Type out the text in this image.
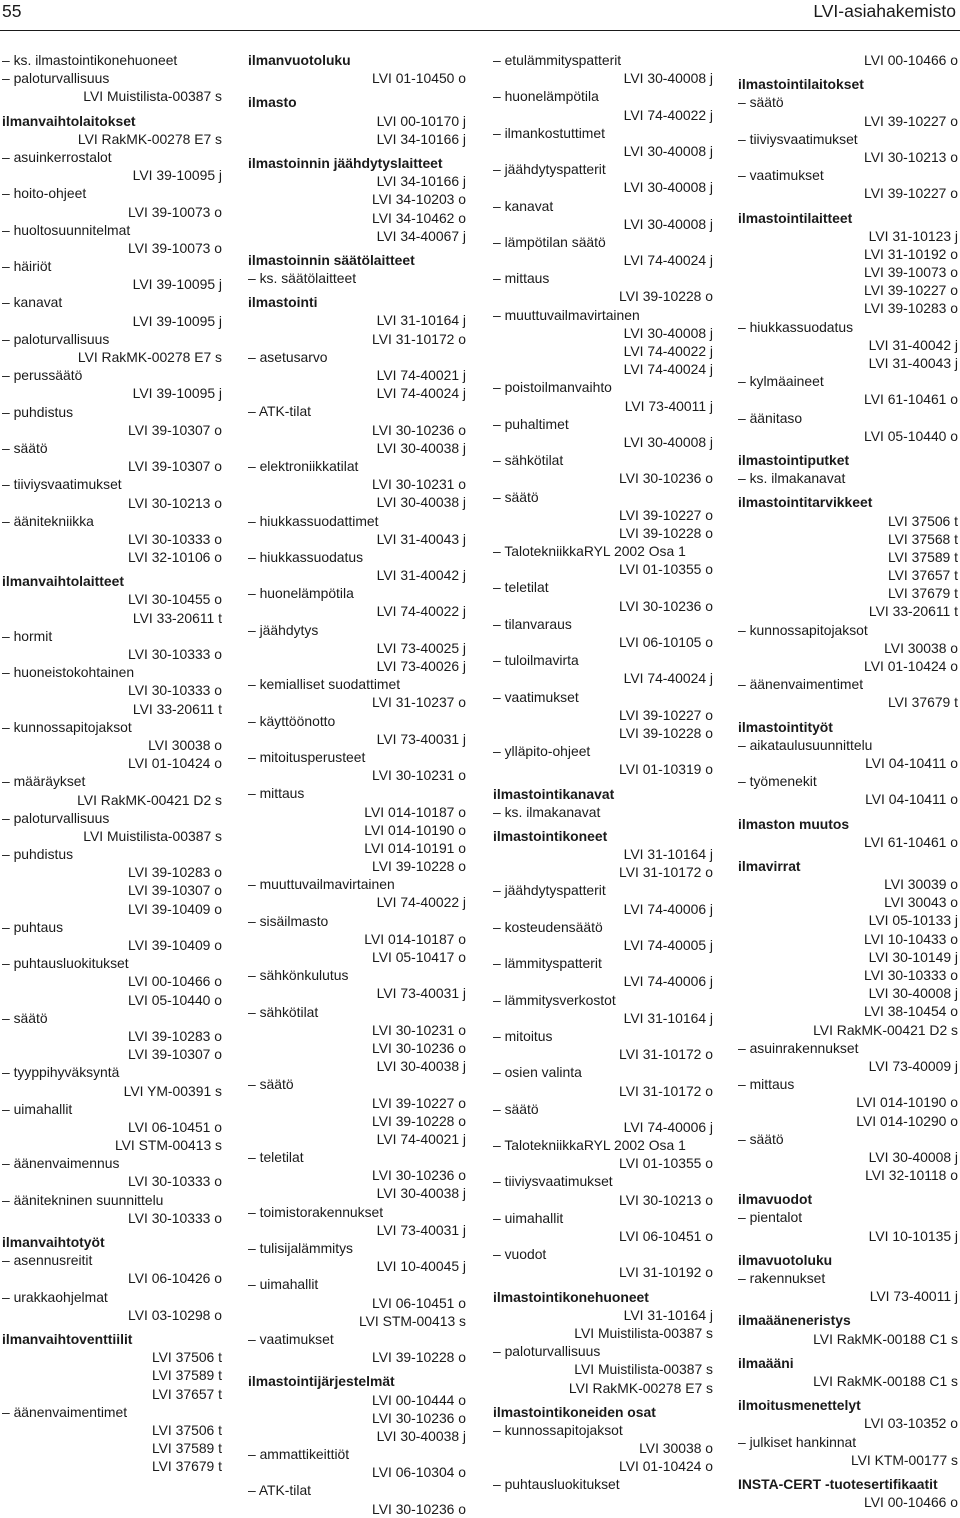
55	LVI-asiahakemisto
– ks. ilmastointikonehuoneet
– paloturvallisuus
LVI Muistilista-00387 s
ilmanvaihtolaitokset
LVI RakMK-00278 E7 s
– asuinkerrostalot
LVI 39-10095 j
– hoito-ohjeet
LVI 39-10073 o
– huoltosuunnitelmat
LVI 39-10073 o
– häiriöt
LVI 39-10095 j
– kanavat
LVI 39-10095 j
– paloturvallisuus
LVI RakMK-00278 E7 s
– perussäätö
LVI 39-10095 j
– puhdistus
LVI 39-10307 o
– säätö
LVI 39-10307 o
– tiiviysvaatimukset
LVI 30-10213 o
– äänitekniikka
LVI 30-10333 o
LVI 32-10106 o
ilmanvaihtolaitteet
LVI 30-10455 o
LVI 33-20611 t
– hormit
LVI 30-10333 o
– huoneistokohtainen
LVI 30-10333 o
LVI 33-20611 t
– kunnossapitojaksot
LVI 30038 o
LVI 01-10424 o
– määräykset
LVI RakMK-00421 D2 s
– paloturvallisuus
LVI Muistilista-00387 s
– puhdistus
LVI 39-10283 o
LVI 39-10307 o
LVI 39-10409 o
– puhtaus
LVI 39-10409 o
– puhtausluokitukset
LVI 00-10466 o
LVI 05-10440 o
– säätö
LVI 39-10283 o
LVI 39-10307 o
– tyyppihyväksyntä
LVI YM-00391 s
– uimahallit
LVI 06-10451 o
LVI STM-00413 s
– äänenvaimennus
LVI 30-10333 o
– äänitekninen suunnittelu
LVI 30-10333 o
ilmanvaihtotyöt
– asennusreitit
LVI 06-10426 o
– urakkaohjelmat
LVI 03-10298 o
ilmanvaihtoventtiilit
LVI 37506 t
LVI 37589 t
LVI 37657 t
– äänenvaimentimet
LVI 37506 t
LVI 37589 t
LVI 37679 t
ilmanvuotoluku
LVI 01-10450 o
ilmasto
LVI 00-10170 j
LVI 34-10166 j
ilmastoinnin jäähdytyslaitteet
LVI 34-10166 j
LVI 34-10203 o
LVI 34-10462 o
LVI 34-40067 j
ilmastoinnin säätölaitteet
– ks. säätölaitteet
ilmastointi
LVI 31-10164 j
LVI 31-10172 o
– asetusarvo
LVI 74-40021 j
LVI 74-40024 j
– ATK-tilat
LVI 30-10236 o
LVI 30-40038 j
– elektroniikkatilat
LVI 30-10231 o
LVI 30-40038 j
– hiukkassuodattimet
LVI 31-40043 j
– hiukkassuodatus
LVI 31-40042 j
– huonelämpötila
LVI 74-40022 j
– jäähdytys
LVI 73-40025 j
LVI 73-40026 j
– kemialliset suodattimet
LVI 31-10237 o
– käyttöönotto
LVI 73-40031 j
– mitoitusperusteet
LVI 30-10231 o
– mittaus
LVI 014-10187 o
LVI 014-10190 o
LVI 014-10191 o
LVI 39-10228 o
– muuttuvailmavirtainen
LVI 74-40022 j
– sisäilmasto
LVI 014-10187 o
LVI 05-10417 o
– sähkönkulutus
LVI 73-40031 j
– sähkötilat
LVI 30-10231 o
LVI 30-10236 o
LVI 30-40038 j
– säätö
LVI 39-10227 o
LVI 39-10228 o
LVI 74-40021 j
– teletilat
LVI 30-10236 o
LVI 30-40038 j
– toimistorakennukset
LVI 73-40031 j
– tulisijalämmitys
LVI 10-40045 j
– uimahallit
LVI 06-10451 o
LVI STM-00413 s
– vaatimukset
LVI 39-10228 o
ilmastointijärjestelmät
LVI 00-10444 o
LVI 30-10236 o
LVI 30-40038 j
– ammattikeittiöt
LVI 06-10304 o
– ATK-tilat
LVI 30-10236 o
– etulämmityspatterit
LVI 30-40008 j
– huonelämpötila
LVI 74-40022 j
– ilmankostuttimet
LVI 30-40008 j
– jäähdytyspatterit
LVI 30-40008 j
– kanavat
LVI 30-40008 j
– lämpötilan säätö
LVI 74-40024 j
– mittaus
LVI 39-10228 o
– muuttuvailmavirtainen
LVI 30-40008 j
LVI 74-40022 j
LVI 74-40024 j
– poistoilmanvaihto
LVI 73-40011 j
– puhaltimet
LVI 30-40008 j
– sähkötilat
LVI 30-10236 o
– säätö
LVI 39-10227 o
LVI 39-10228 o
– TalotekniikkaRYL 2002 Osa 1
LVI 01-10355 o
– teletilat
LVI 30-10236 o
– tilanvaraus
LVI 06-10105 o
– tuloilmavirta
LVI 74-40024 j
– vaatimukset
LVI 39-10227 o
LVI 39-10228 o
– ylläpito-ohjeet
LVI 01-10319 o
ilmastointikanavat
– ks. ilmakanavat
ilmastointikoneet
LVI 31-10164 j
LVI 31-10172 o
– jäähdytyspatterit
LVI 74-40006 j
– kosteudensäätö
LVI 74-40005 j
– lämmityspatterit
LVI 74-40006 j
– lämmitysverkostot
LVI 31-10164 j
– mitoitus
LVI 31-10172 o
– osien valinta
LVI 31-10172 o
– säätö
LVI 74-40006 j
– TalotekniikkaRYL 2002 Osa 1
LVI 01-10355 o
– tiiviysvaatimukset
LVI 30-10213 o
– uimahallit
LVI 06-10451 o
– vuodot
LVI 31-10192 o
ilmastointikonehuoneet
LVI 31-10164 j
LVI Muistilista-00387 s
– paloturvallisuus
LVI Muistilista-00387 s
LVI RakMK-00278 E7 s
ilmastointikoneiden osat
– kunnossapitojaksot
LVI 30038 o
LVI 01-10424 o
– puhtausluokitukset
LVI 00-10466 o
ilmastointilaitokset
– säätö
LVI 39-10227 o
– tiiviysvaatimukset
LVI 30-10213 o
– vaatimukset
LVI 39-10227 o
ilmastointilaitteet
LVI 31-10123 j
LVI 31-10192 o
LVI 39-10073 o
LVI 39-10227 o
LVI 39-10283 o
– hiukkassuodatus
LVI 31-40042 j
LVI 31-40043 j
– kylmäaineet
LVI 61-10461 o
– äänitaso
LVI 05-10440 o
ilmastointiputket
– ks. ilmakanavat
ilmastointitarvikkeet
LVI 37506 t
LVI 37568 t
LVI 37589 t
LVI 37657 t
LVI 37679 t
LVI 33-20611 t
– kunnossapitojaksot
LVI 30038 o
LVI 01-10424 o
– äänenvaimentimet
LVI 37679 t
ilmastointityöt
– aikataulusuunnittelu
LVI 04-10411 o
– työmenekit
LVI 04-10411 o
ilmaston muutos
LVI 61-10461 o
ilmavirrat
LVI 30039 o
LVI 30043 o
LVI 05-10133 j
LVI 10-10433 o
LVI 30-10149 j
LVI 30-10333 o
LVI 30-40008 j
LVI 38-10454 o
LVI RakMK-00421 D2 s
– asuinrakennukset
LVI 73-40009 j
– mittaus
LVI 014-10190 o
LVI 014-10290 o
– säätö
LVI 30-40008 j
LVI 32-10118 o
ilmavuodot
– pientalot
LVI 10-10135 j
ilmavuotoluku
– rakennukset
LVI 73-40011 j
ilmaääneneristys
LVI RakMK-00188 C1 s
ilmaääni
LVI RakMK-00188 C1 s
ilmoitusmenettelyt
LVI 03-10352 o
– julkiset hankinnat
LVI KTM-00177 s
INSTA-CERT -tuotesertifikaatit
LVI 00-10466 o
